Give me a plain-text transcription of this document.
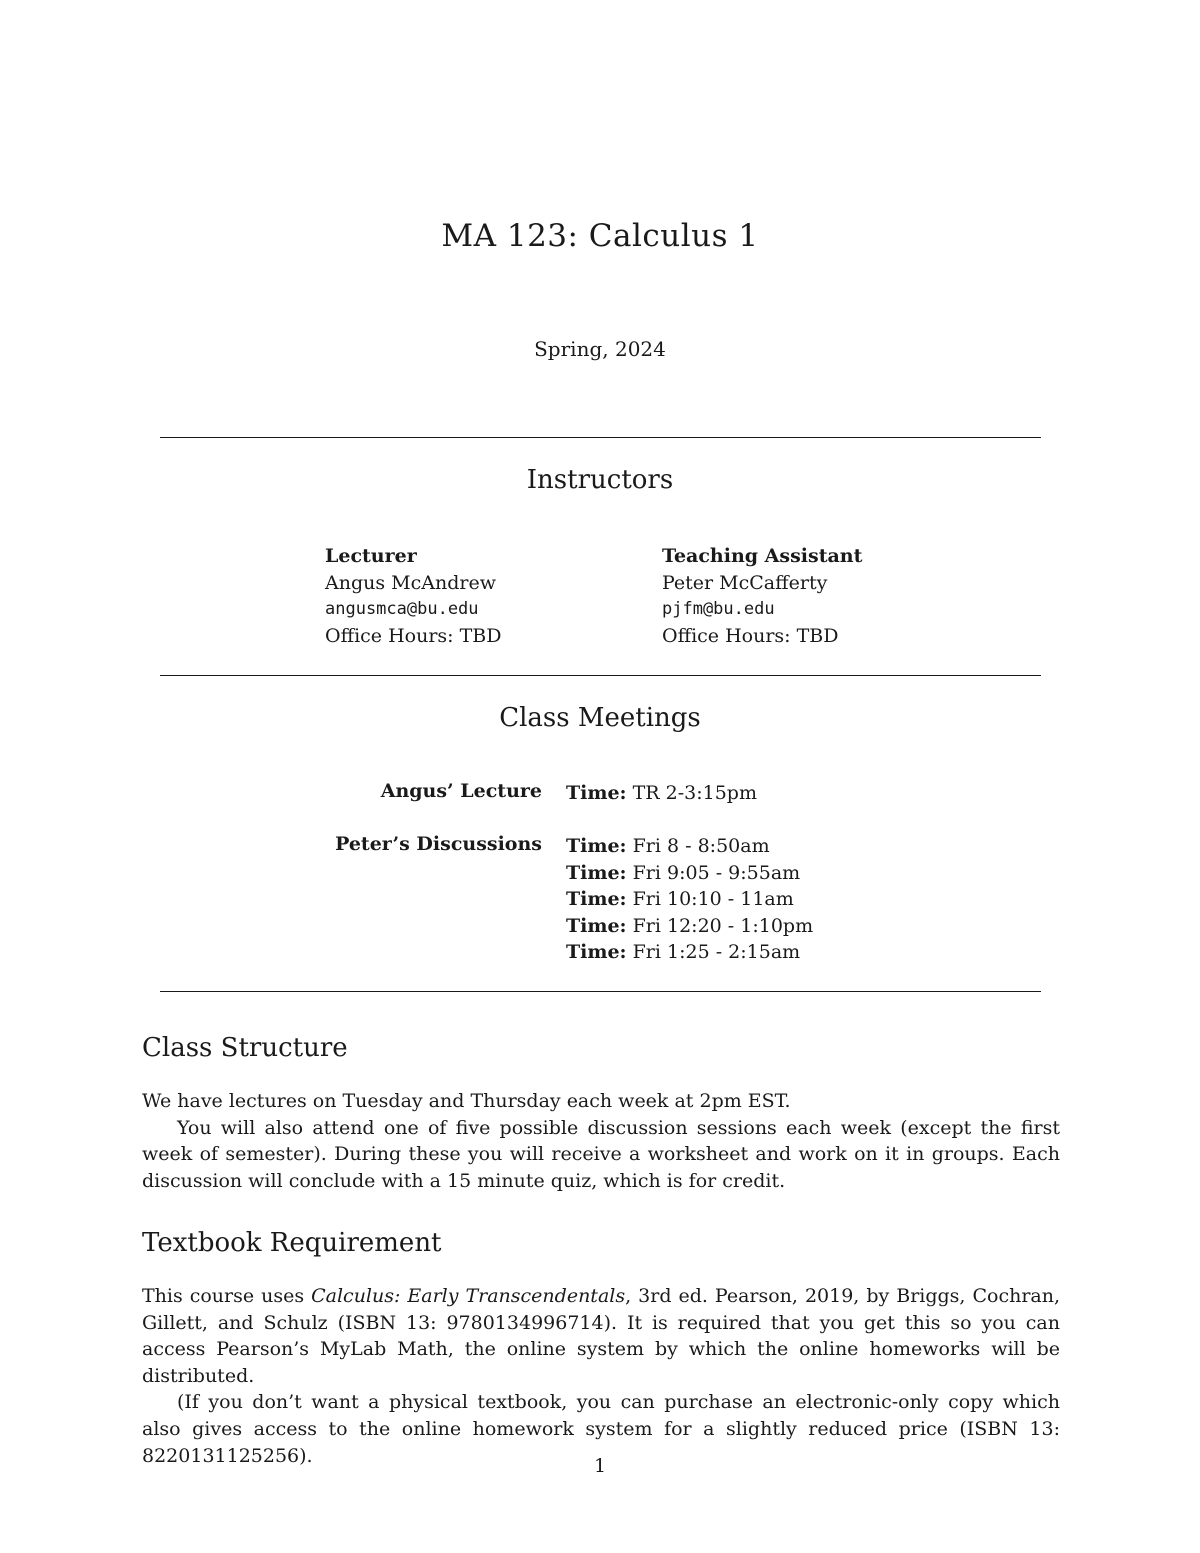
MA 123: Calculus 1
Spring, 2024
Instructors
Lecturer
Angus McAndrew
angusmca@bu.edu
Office Hours: TBD
Teaching Assistant
Peter McCafferty
pjfm@bu.edu
Office Hours: TBD
Class Meetings
Angus’ Lecture Time: TR 2-3:15pm
Peter’s Discussions Time: Fri 8 - 8:50am
Time: Fri 9:05 - 9:55am
Time: Fri 10:10 - 11am
Time: Fri 12:20 - 1:10pm
Time: Fri 1:25 - 2:15am
Class Structure

We have lectures on Tuesday and Thursday each week at 2pm EST.

You will also attend one of five possible discussion sessions each week (except the first week of semester). During these you will receive a worksheet and work on it in groups. Each discussion will conclude with a 15 minute quiz, which is for credit.

Textbook Requirement

This course uses Calculus: Early Transcendentals, 3rd ed. Pearson, 2019, by Briggs, Cochran, Gillett, and Schulz (ISBN 13: 9780134996714). It is required that you get this so you can access Pearson’s MyLab Math, the online system by which the online homeworks will be distributed.

(If you don’t want a physical textbook, you can purchase an electronic-only copy which also gives access to the online homework system for a slightly reduced price (ISBN 13: 8220131125256).	1
